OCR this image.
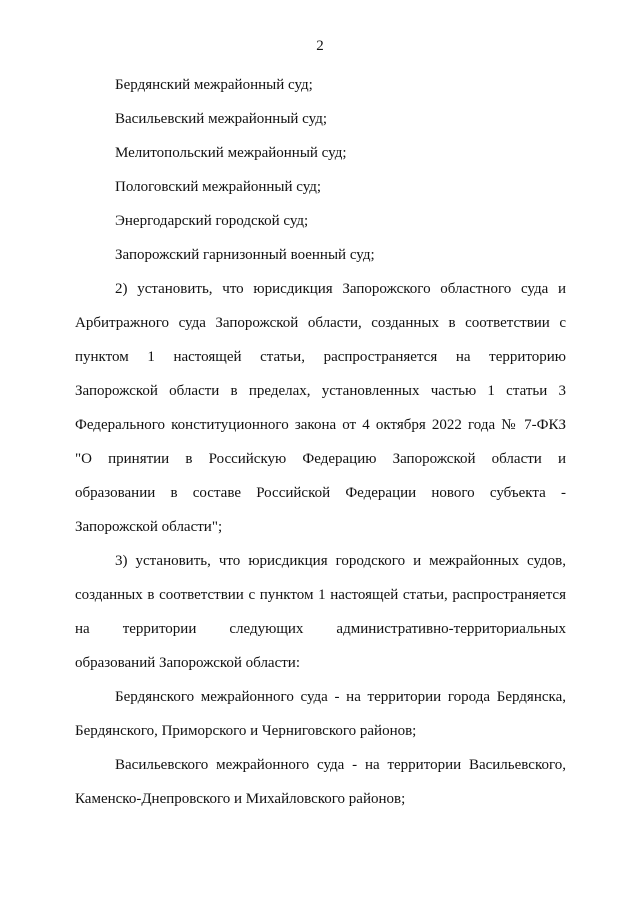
2
Бердянский межрайонный суд;
Васильевский межрайонный суд;
Мелитопольский межрайонный суд;
Пологовский межрайонный суд;
Энергодарский городской суд;
Запорожский гарнизонный военный суд;
2) установить, что юрисдикция Запорожского областного суда и
Арбитражного суда Запорожской области, созданных в соответствии с
пунктом 1 настоящей статьи, распространяется на территорию
Запорожской области в пределах, установленных частью 1 статьи 3
Федерального конституционного закона от 4 октября 2022 года № 7-ФКЗ
"О принятии в Российскую Федерацию Запорожской области и
образовании в составе Российской Федерации нового субъекта -
Запорожской области";
3) установить, что юрисдикция городского и межрайонных судов,
созданных в соответствии с пунктом 1 настоящей статьи, распространяется
на территории следующих административно-территориальных
образований Запорожской области:
Бердянского межрайонного суда - на территории города Бердянска,
Бердянского, Приморского и Черниговского районов;
Васильевского межрайонного суда - на территории Васильевского,
Каменско-Днепровского и Михайловского районов;
